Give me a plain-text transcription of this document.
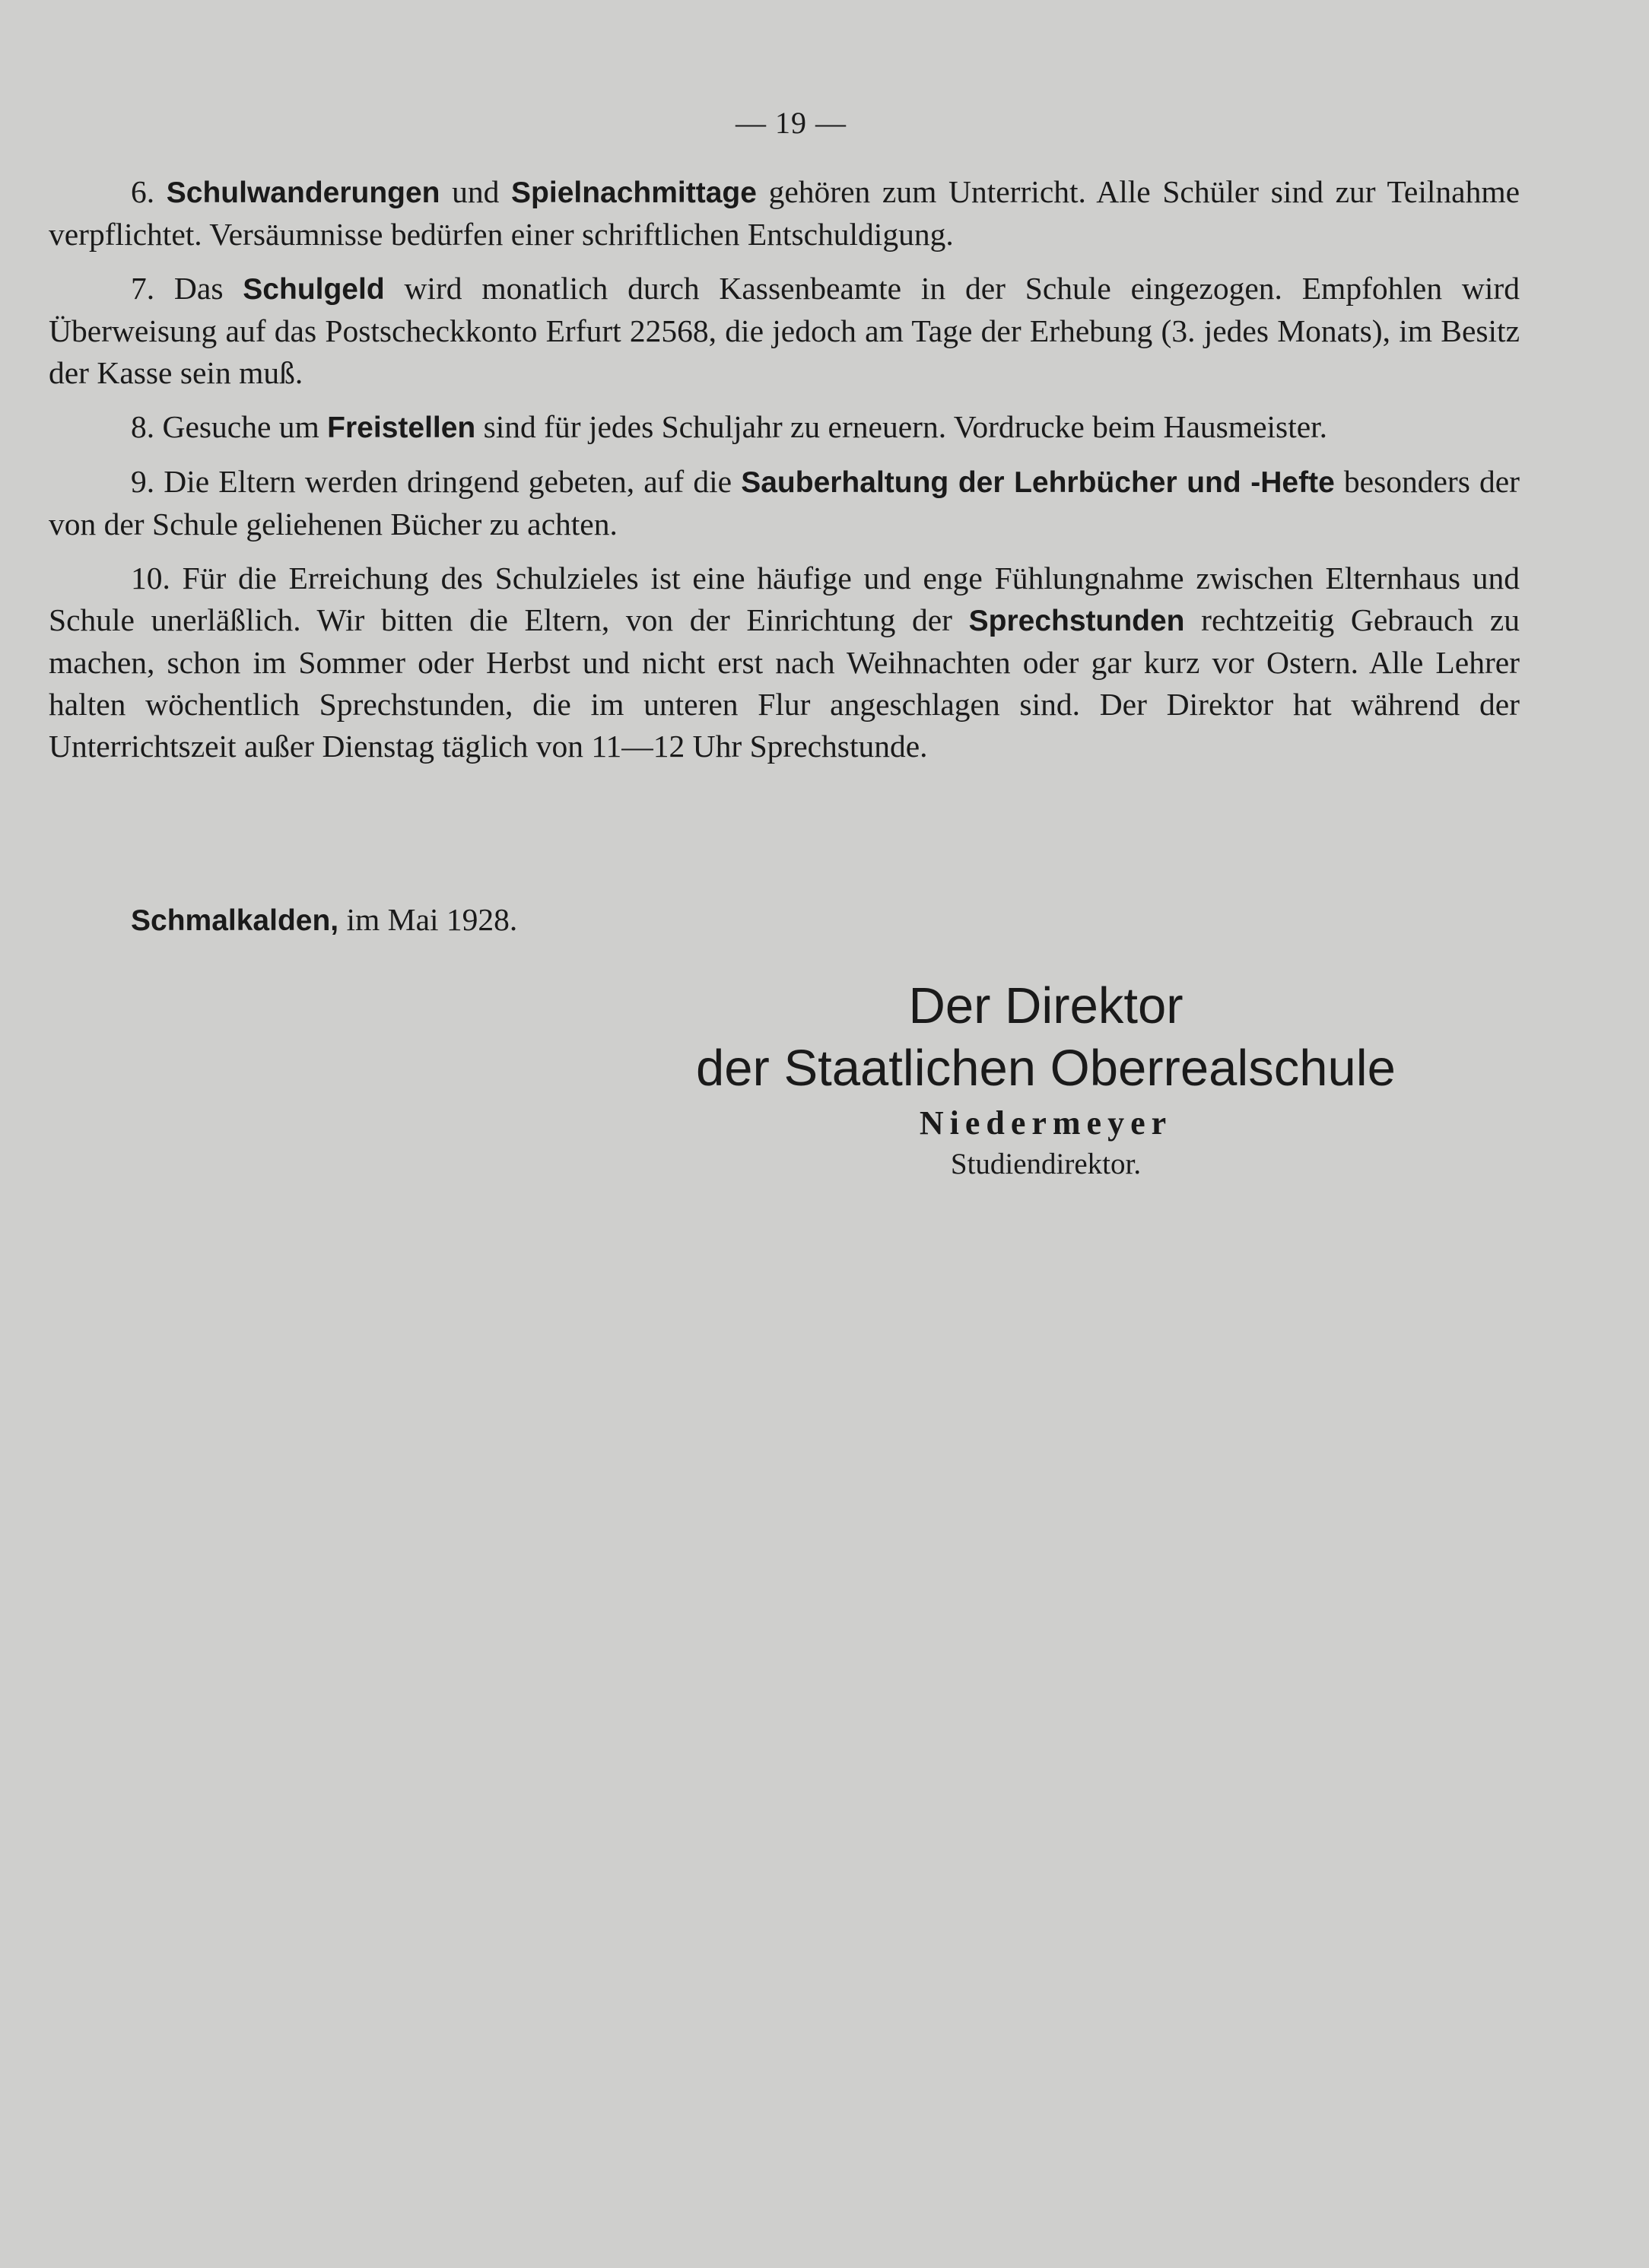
— 19 —

6. Schulwanderungen und Spielnachmittage gehören zum Unterricht. Alle Schüler sind zur Teilnahme verpflichtet. Versäumnisse bedürfen einer schriftlichen Entschuldigung.

7. Das Schulgeld wird monatlich durch Kassenbeamte in der Schule eingezogen. Empfohlen wird Überweisung auf das Postscheckkonto Erfurt 22568, die jedoch am Tage der Erhebung (3. jedes Monats), im Besitz der Kasse sein muß.

8. Gesuche um Freistellen sind für jedes Schuljahr zu erneuern. Vordrucke beim Hausmeister.

9. Die Eltern werden dringend gebeten, auf die Sauberhaltung der Lehrbücher und -Hefte besonders der von der Schule geliehenen Bücher zu achten.

10. Für die Erreichung des Schulzieles ist eine häufige und enge Fühlungnahme zwischen Elternhaus und Schule unerläßlich. Wir bitten die Eltern, von der Einrichtung der Sprechstunden rechtzeitig Gebrauch zu machen, schon im Sommer oder Herbst und nicht erst nach Weihnachten oder gar kurz vor Ostern. Alle Lehrer halten wöchentlich Sprechstunden, die im unteren Flur angeschlagen sind. Der Direktor hat während der Unterrichtszeit außer Dienstag täglich von 11—12 Uhr Sprechstunde.

Schmalkalden, im Mai 1928.
Der Direktor
der Staatlichen Oberrealschule
Niedermeyer
Studiendirektor.
